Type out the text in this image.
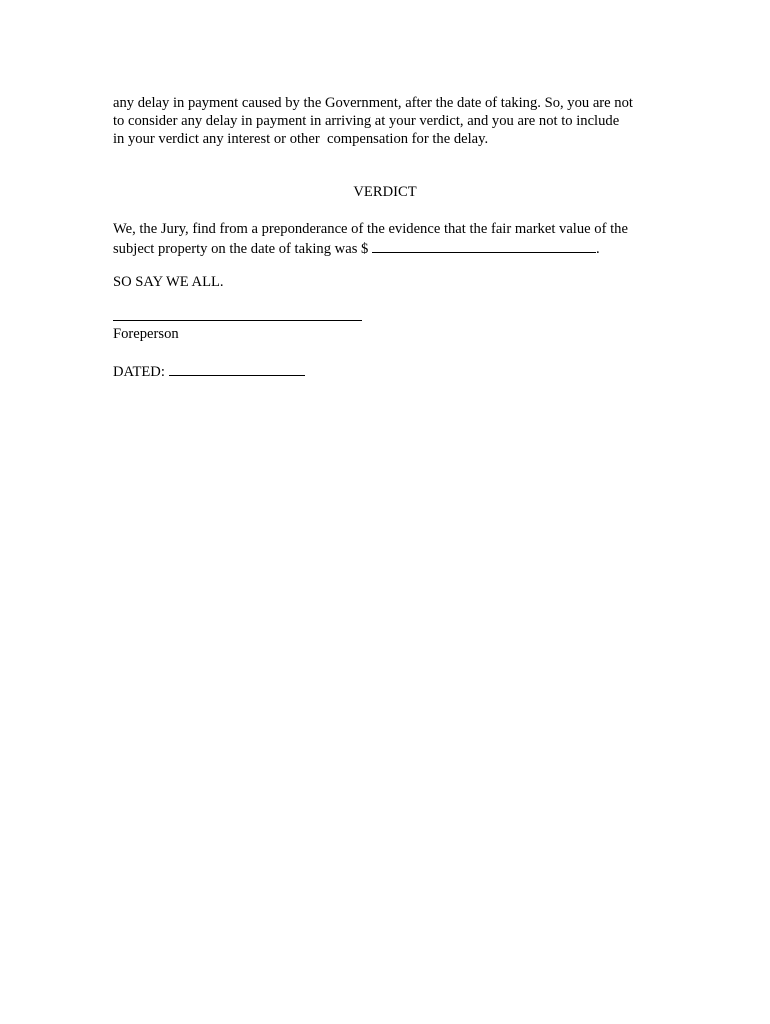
any delay in payment caused by the Government, after the date of taking. So, you are not
to consider any delay in payment in arriving at your verdict, and you are not to include
in your verdict any interest or other  compensation for the delay.
VERDICT
We, the Jury, find from a preponderance of the evidence that the fair market value of the
subject property on the date of taking was $	.
SO SAY WE ALL.
Foreperson
DATED:
